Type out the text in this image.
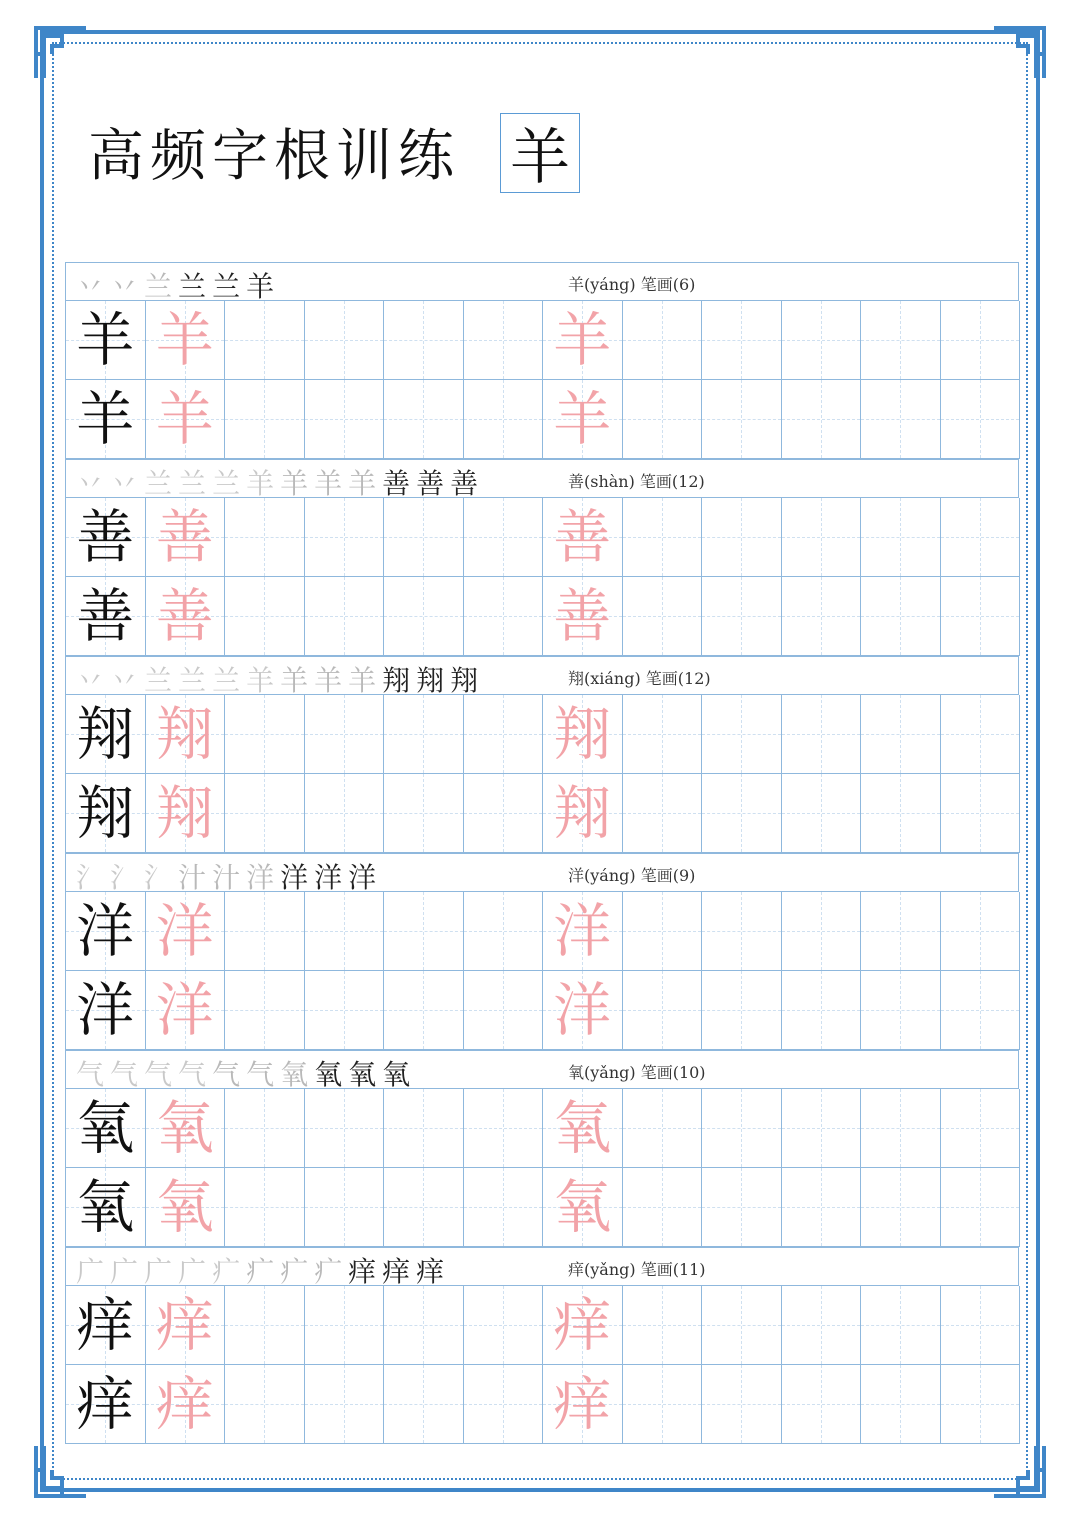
高频字根训练 羊
丷 丷 兰 兰 兰 羊	羊(yáng) 笔画(6)
羊 羊	羊
羊 羊	羊
丷 丷 兰 兰 兰 羊 羊 羊 羊 善 善 善	善(shàn) 笔画(12)
善 善	善
善 善	善
丷 丷 兰 兰 兰 羊 羊 羊 羊 翔 翔 翔	翔(xiáng) 笔画(12)
翔 翔	翔
翔 翔	翔
氵 氵 氵 汁 汁 洋 洋 洋 洋	洋(yáng) 笔画(9)
洋 洋	洋
洋 洋	洋
气 气 气 气 气 气 氧 氧 氧 氧	氧(yǎng) 笔画(10)
氧 氧	氧
氧 氧	氧
广 广 广 广 疒 疒 疒 疒 痒 痒 痒	痒(yǎng) 笔画(11)
痒 痒	痒
痒 痒	痒
